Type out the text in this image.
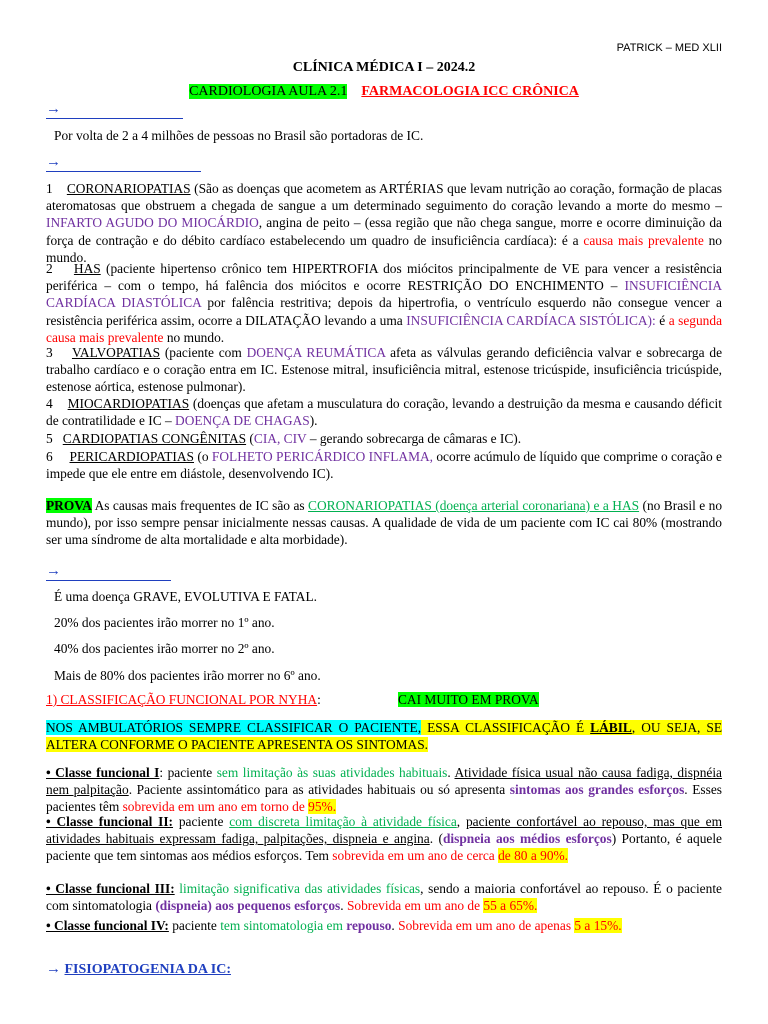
PATRICK – MED XLII
CLÍNICA MÉDICA I – 2024.2
CARDIOLOGIA AULA 2.1 FARMACOLOGIA ICC CRÔNICA
→
Por volta de 2 a 4 milhões de pessoas no Brasil são portadoras de IC.
→
1 CORONARIOPATIAS (São as doenças que acometem as ARTÉRIAS que levam nutrição ao coração, formação de placas ateromatosas que obstruem a chegada de sangue a um determinado seguimento do coração levando a morte do mesmo – INFARTO AGUDO DO MIOCÁRDIO, angina de peito – (essa região que não chega sangue, morre e ocorre diminuição da força de contração e do débito cardíaco estabelecendo um quadro de insuficiência cardíaca): é a causa mais prevalente no mundo.
2 HAS (paciente hipertenso crônico tem HIPERTROFIA dos miócitos principalmente de VE para vencer a resistência periférica – com o tempo, há falência dos miócitos e ocorre RESTRIÇÃO DO ENCHIMENTO – INSUFICIÊNCIA CARDÍACA DIASTÓLICA por falência restritiva; depois da hipertrofia, o ventrículo esquerdo não consegue vencer a resistência periférica assim, ocorre a DILATAÇÃO levando a uma INSUFICIÊNCIA CARDÍACA SISTÓLICA): é a segunda causa mais prevalente no mundo.
3 VALVOPATIAS (paciente com DOENÇA REUMÁTICA afeta as válvulas gerando deficiência valvar e sobrecarga de trabalho cardíaco e o coração entra em IC. Estenose mitral, insuficiência mitral, estenose tricúspide, insuficiência tricúspide, estenose aórtica, estenose pulmonar).
4 MIOCARDIOPATIAS (doenças que afetam a musculatura do coração, levando a destruição da mesma e causando déficit de contratilidade e IC – DOENÇA DE CHAGAS).
5 CARDIOPATIAS CONGÊNITAS (CIA, CIV – gerando sobrecarga de câmaras e IC).
6 PERICARDIOPATIAS (o FOLHETO PERICÁRDICO INFLAMA, ocorre acúmulo de líquido que comprime o coração e impede que ele entre em diástole, desenvolvendo IC).
PROVA As causas mais frequentes de IC são as CORONARIOPATIAS (doença arterial coronariana) e a HAS (no Brasil e no mundo), por isso sempre pensar inicialmente nessas causas. A qualidade de vida de um paciente com IC cai 80% (mostrando ser uma síndrome de alta mortalidade e alta morbidade).
→
É uma doença GRAVE, EVOLUTIVA E FATAL.
20% dos pacientes irão morrer no 1º ano.
40% dos pacientes irão morrer no 2º ano.
Mais de 80% dos pacientes irão morrer no 6º ano.
1) CLASSIFICAÇÃO FUNCIONAL POR NYHA:	CAI MUITO EM PROVA
NOS AMBULATÓRIOS SEMPRE CLASSIFICAR O PACIENTE, ESSA CLASSIFICAÇÃO É LÁBIL, OU SEJA, SE ALTERA CONFORME O PACIENTE APRESENTA OS SINTOMAS.
• Classe funcional I: paciente sem limitação às suas atividades habituais. Atividade física usual não causa fadiga, dispnéia nem palpitação. Paciente assintomático para as atividades habituais ou só apresenta sintomas aos grandes esforços. Esses pacientes têm sobrevida em um ano em torno de 95%.
• Classe funcional II: paciente com discreta limitação à atividade física, paciente confortável ao repouso, mas que em atividades habituais expressam fadiga, palpitações, dispneia e angina. (dispneia aos médios esforços) Portanto, é aquele paciente que tem sintomas aos médios esforços. Tem sobrevida em um ano de cerca de 80 a 90%.
• Classe funcional III: limitação significativa das atividades físicas, sendo a maioria confortável ao repouso. É o paciente com sintomatologia (dispneia) aos pequenos esforços. Sobrevida em um ano de 55 a 65%.
• Classe funcional IV: paciente tem sintomatologia em repouso. Sobrevida em um ano de apenas 5 a 15%.
→ FISIOPATOGENIA DA IC:
